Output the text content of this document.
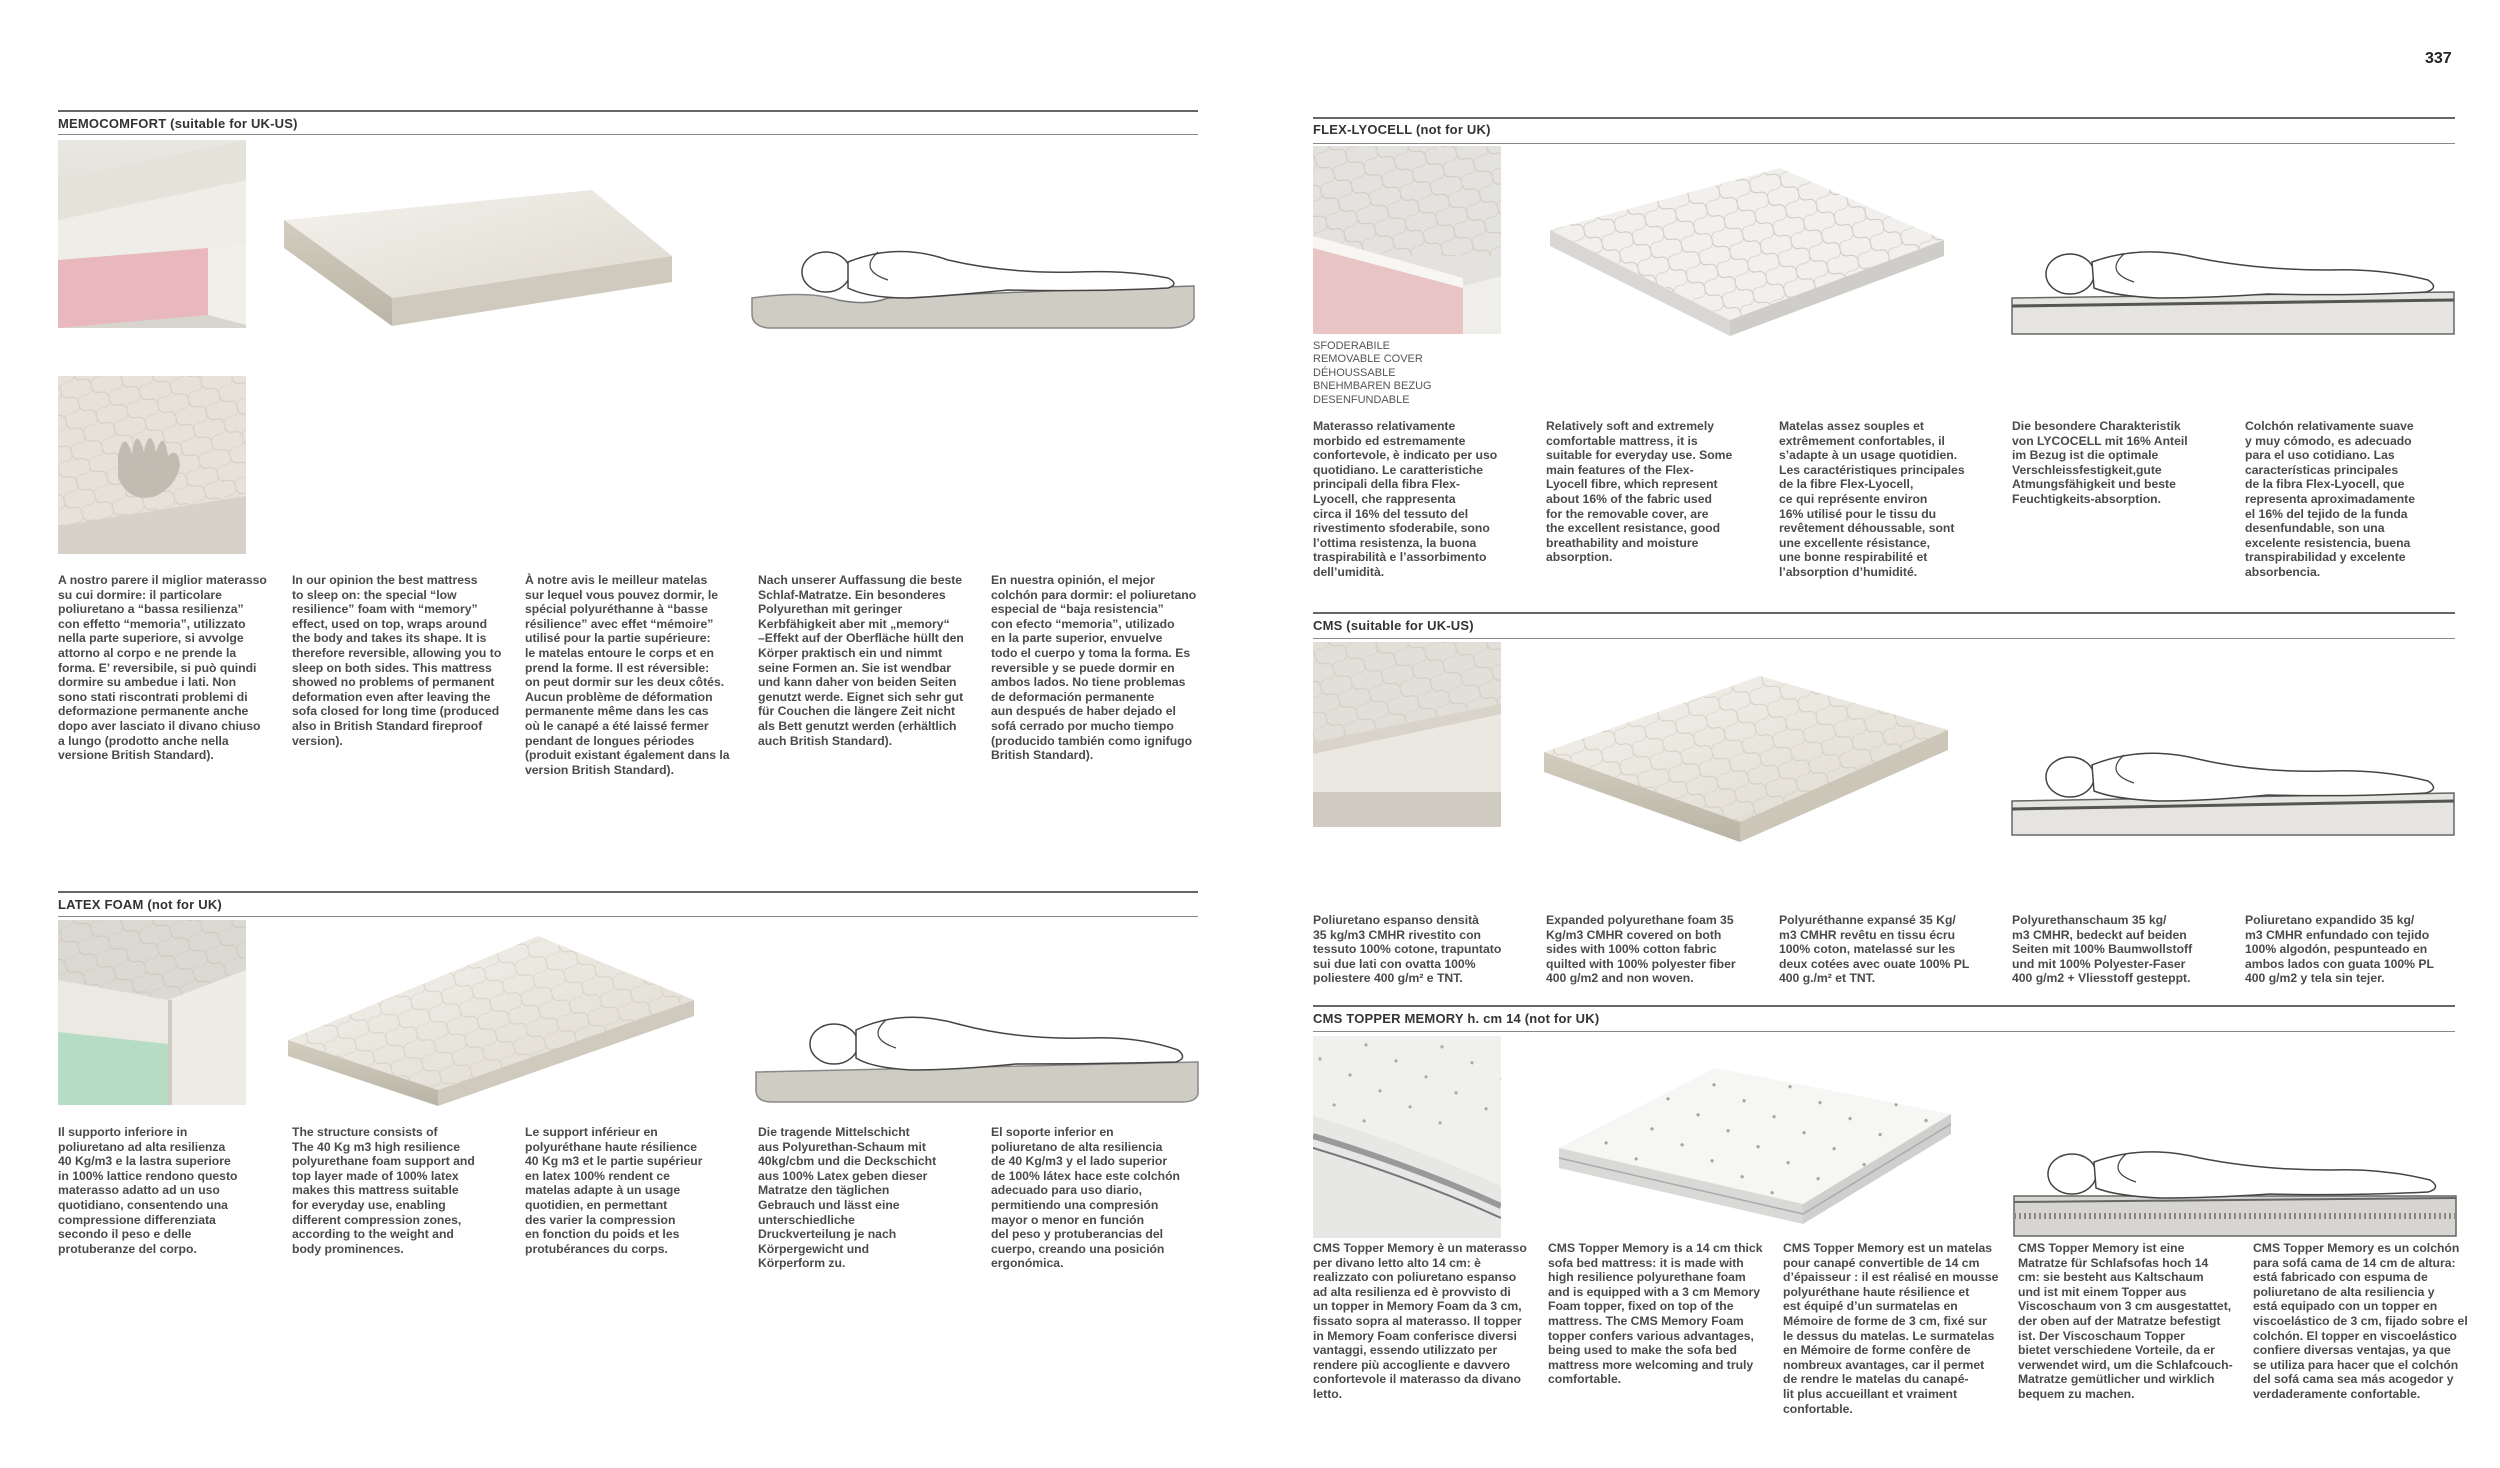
337
MEMOCOMFORT (suitable for UK-US)

A nostro parere il miglior materasso
su cui dormire: il particolare
poliuretano a “bassa resilienza”
con effetto “memoria”, utilizzato
nella parte superiore, si avvolge
attorno al corpo e ne prende la
forma. E’ reversibile, si può quindi
dormire su ambedue i lati. Non
sono stati riscontrati problemi di
deformazione permanente anche
dopo aver lasciato il divano chiuso
a lungo (prodotto anche nella
versione British Standard).

In our opinion the best mattress
to sleep on: the special “low
resilience” foam with “memory”
effect, used on top, wraps around
the body and takes its shape. It is
therefore reversible, allowing you to
sleep on both sides. This mattress
showed no problems of permanent
deformation even after leaving the
sofa closed for long time (produced
also in British Standard fireproof
version).

À notre avis le meilleur matelas
sur lequel vous pouvez dormir, le
spécial polyuréthanne à “basse
résilience” avec effet “mémoire”
utilisé pour la partie supérieure:
le matelas entoure le corps et en
prend la forme. Il est réversible:
on peut dormir sur les deux côtés.
Aucun problème de déformation
permanente même dans les cas
où le canapé a été laissé fermer
pendant de longues périodes
(produit existant également dans la
version British Standard).

Nach unserer Auffassung die beste
Schlaf-Matratze. Ein besonderes
Polyurethan mit geringer
Kerbfähigkeit aber mit „memory“
–Effekt auf der Oberfläche hüllt den
Körper praktisch ein und nimmt
seine Formen an. Sie ist wendbar
und kann daher von beiden Seiten
genutzt werde. Eignet sich sehr gut
für Couchen die längere Zeit nicht
als Bett genutzt werden (erhältlich
auch British Standard).

En nuestra opinión, el mejor
colchón para dormir: el poliuretano
especial de “baja resistencia”
con efecto “memoria”, utilizado
en la parte superior, envuelve
todo el cuerpo y toma la forma. Es
reversible y se puede dormir en
ambos lados. No tiene problemas
de deformación permanente
aun después de haber dejado el
sofá cerrado por mucho tiempo
(producido también como ignifugo
British Standard).

LATEX FOAM (not for UK)

Il supporto inferiore in
poliuretano ad alta resilienza
40 Kg/m3 e la lastra superiore
in 100% lattice rendono questo
materasso adatto ad un uso
quotidiano, consentendo una
compressione differenziata
secondo il peso e delle
protuberanze del corpo.

The structure consists of
The 40 Kg m3 high resilience
polyurethane foam support and
top layer made of 100% latex
makes this mattress suitable
for everyday use, enabling
different compression zones,
according to the weight and
body prominences.

Le support inférieur en
polyuréthane haute résilience
40 Kg m3 et le partie supérieur
en latex 100% rendent ce
matelas adapte à un usage
quotidien, en permettant
des varier la compression
en fonction du poids et les
protubérances du corps.

Die tragende Mittelschicht
aus Polyurethan-Schaum mit
40kg/cbm und die Deckschicht
aus 100% Latex geben dieser
Matratze den täglichen
Gebrauch und lässt eine
unterschiedliche
Druckverteilung je nach
Körpergewicht und
Körperform zu.

El soporte inferior en
poliuretano de alta resiliencia
de 40 Kg/m3 y el lado superior
de 100% látex hace este colchón
adecuado para uso diario,
permitiendo una compresión
mayor o menor en función
del peso y protuberancias del
cuerpo, creando una posición
ergonómica.

FLEX-LYOCELL (not for UK)

SFODERABILE
REMOVABLE COVER
DÉHOUSSABLE
BNEHMBAREN BEZUG
DESENFUNDABLE

Materasso relativamente
morbido ed estremamente
confortevole, è indicato per uso
quotidiano. Le caratteristiche
principali della fibra Flex-
Lyocell, che rappresenta
circa il 16% del tessuto del
rivestimento sfoderabile, sono
l’ottima resistenza, la buona
traspirabilità e l’assorbimento
dell’umidità.

Relatively soft and extremely
comfortable mattress, it is
suitable for everyday use. Some
main features of the Flex-
Lyocell fibre, which represent
about 16% of the fabric used
for the removable cover, are
the excellent resistance, good
breathability and moisture
absorption.

Matelas assez souples et
extrêmement confortables, il
s’adapte à un usage quotidien.
Les caractéristiques principales
de la fibre Flex-Lyocell,
ce qui représente environ
16% utilisé pour le tissu du
revêtement déhoussable, sont
une excellente résistance,
une bonne respirabilité et
l’absorption d’humidité.

Die besondere Charakteristik
von LYCOCELL mit 16% Anteil
im Bezug ist die optimale
Verschleissfestigkeit,gute
Atmungsfähigkeit und beste
Feuchtigkeits-absorption.

Colchón relativamente suave
y muy cómodo, es adecuado
para el uso cotidiano. Las
características principales
de la fibra Flex-Lyocell, que
representa aproximadamente
el 16% del tejido de la funda
desenfundable, son una
excelente resistencia, buena
transpirabilidad y excelente
absorbencia.

CMS (suitable for UK-US)

Poliuretano espanso densità
35 kg/m3 CMHR rivestito con
tessuto 100% cotone, trapuntato
sui due lati con ovatta 100%
poliestere 400 g/m² e TNT.

Expanded polyurethane foam 35
Kg/m3 CMHR covered on both
sides with 100% cotton fabric
quilted with 100% polyester fiber
400 g/m2 and non woven.

Polyuréthanne expansé 35 Kg/
m3 CMHR revêtu en tissu écru
100% coton, matelassé sur les
deux cotées avec ouate 100% PL
400 g./m² et TNT.

Polyurethanschaum 35 kg/
m3 CMHR, bedeckt auf beiden
Seiten mit 100% Baumwollstoff
und mit 100% Polyester-Faser
400 g/m2 + Vliesstoff gesteppt.

Poliuretano expandido 35 kg/
m3 CMHR enfundado con tejido
100% algodón, pespunteado en
ambos lados con guata 100% PL
400 g/m2 y tela sin tejer.

CMS TOPPER MEMORY h. cm 14 (not for UK)

CMS Topper Memory è un materasso
per divano letto alto 14 cm: è
realizzato con poliuretano espanso
ad alta resilienza ed è provvisto di
un topper in Memory Foam da 3 cm,
fissato sopra al materasso. Il topper
in Memory Foam conferisce diversi
vantaggi, essendo utilizzato per
rendere più accogliente e davvero
confortevole il materasso da divano
letto.

CMS Topper Memory is a 14 cm thick
sofa bed mattress: it is made with
high resilience polyurethane foam
and is equipped with a 3 cm Memory
Foam topper, fixed on top of the
mattress. The CMS Memory Foam
topper confers various advantages,
being used to make the sofa bed
mattress more welcoming and truly
comfortable.

CMS Topper Memory est un matelas
pour canapé convertible de 14 cm
d’épaisseur : il est réalisé en mousse
polyuréthane haute résilience et
est équipé d’un surmatelas en
Mémoire de forme de 3 cm, fixé sur
le dessus du matelas. Le surmatelas
en Mémoire de forme confère de
nombreux avantages, car il permet
de rendre le matelas du canapé-
lit plus accueillant et vraiment
confortable.

CMS Topper Memory ist eine
Matratze für Schlafsofas hoch 14
cm: sie besteht aus Kaltschaum
und ist mit einem Topper aus
Viscoschaum von 3 cm ausgestattet,
der oben auf der Matratze befestigt
ist. Der Viscoschaum Topper
bietet verschiedene Vorteile, da er
verwendet wird, um die Schlafcouch-
Matratze gemütlicher und wirklich
bequem zu machen.

CMS Topper Memory es un colchón
para sofá cama de 14 cm de altura:
está fabricado con espuma de
poliuretano de alta resiliencia y
está equipado con un topper en
viscoelástico de 3 cm, fijado sobre el
colchón. El topper en viscoelástico
confiere diversas ventajas, ya que
se utiliza para hacer que el colchón
del sofá cama sea más acogedor y
verdaderamente confortable.
